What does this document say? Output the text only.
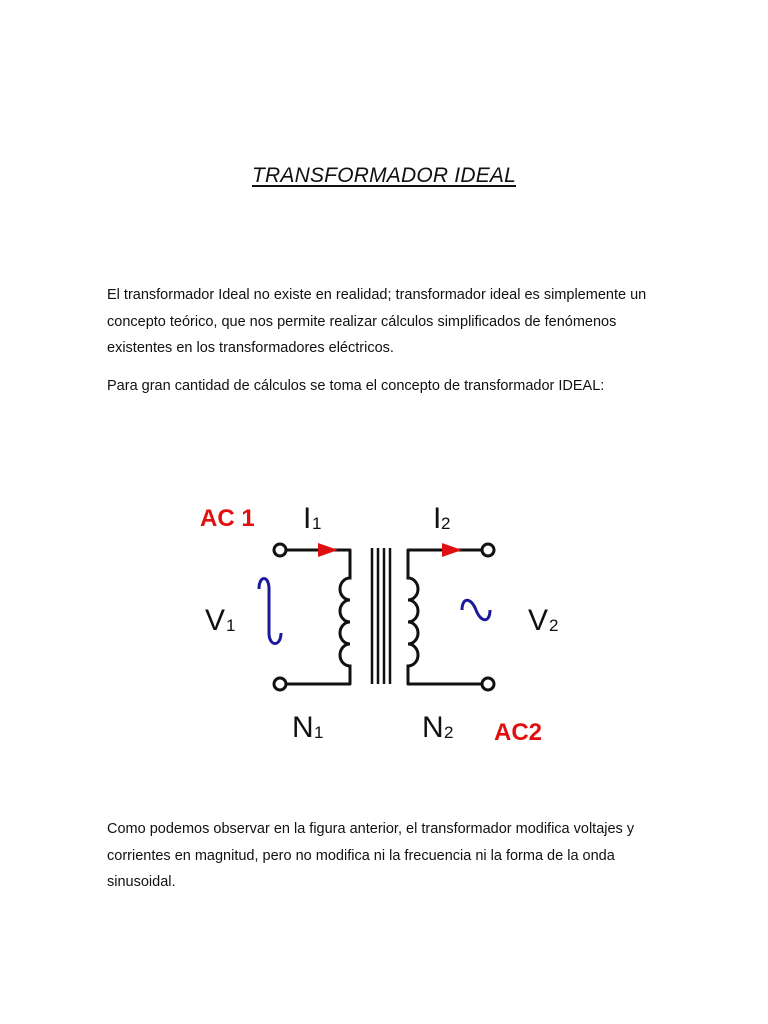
TRANSFORMADOR IDEAL

El transformador Ideal no existe en realidad; transformador ideal es simplemente un concepto teórico, que nos permite realizar cálculos simplificados de fenómenos existentes en los transformadores eléctricos.

Para gran cantidad de cálculos se toma el concepto de transformador IDEAL:

AC 1
AC2
I 1	I 2
V 1	V 2
N 1	N 2

Como podemos observar en la figura anterior, el transformador modifica voltajes y corrientes en magnitud, pero no modifica ni la frecuencia ni la forma de la onda sinusoidal.
